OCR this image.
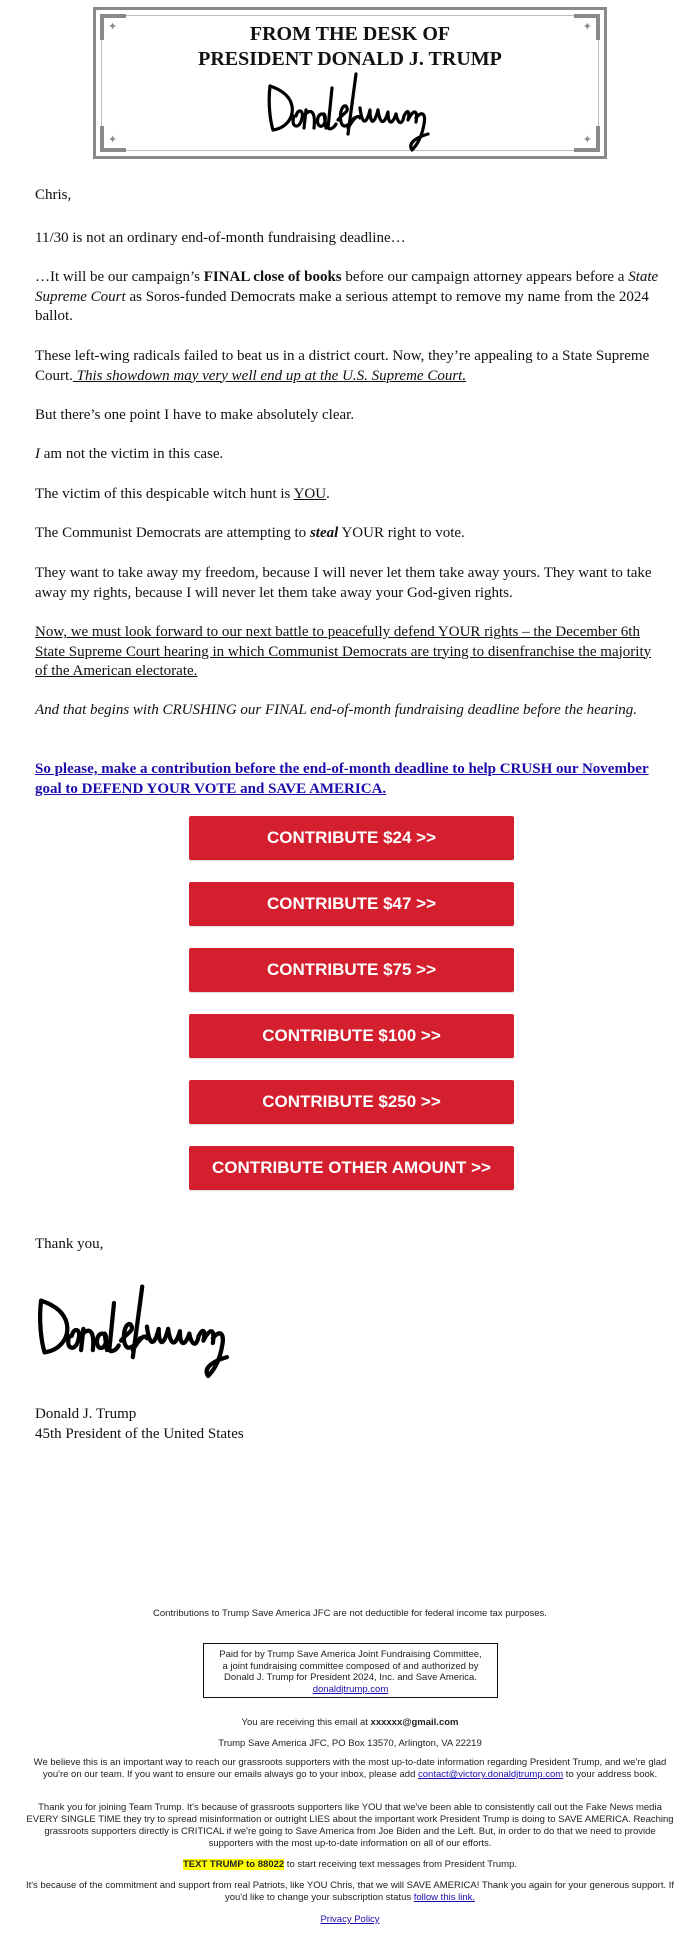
✦	✦
✦	✦
FROM THE DESK OF
PRESIDENT DONALD J. TRUMP

Chris,

11/30 is not an ordinary end-of-month fundraising deadline…

…It will be our campaign’s FINAL close of books before our campaign attorney appears before a State Supreme Court as Soros-funded Democrats make a serious attempt to remove my name from the 2024 ballot.

These left-wing radicals failed to beat us in a district court. Now, they’re appealing to a State Supreme Court. This showdown may very well end up at the U.S. Supreme Court.

But there’s one point I have to make absolutely clear.

I am not the victim in this case.

The victim of this despicable witch hunt is YOU.

The Communist Democrats are attempting to steal YOUR right to vote.

They want to take away my freedom, because I will never let them take away yours. They want to take away my rights, because I will never let them take away your God-given rights.

Now, we must look forward to our next battle to peacefully defend YOUR rights – the December 6th State Supreme Court hearing in which Communist Democrats are trying to disenfranchise the majority of the American electorate.

And that begins with CRUSHING our FINAL end-of-month fundraising deadline before the hearing.

So please, make a contribution before the end-of-month deadline to help CRUSH our November goal to DEFEND YOUR VOTE and SAVE AMERICA.

CONTRIBUTE $24 >>
CONTRIBUTE $47 >>
CONTRIBUTE $75 >>
CONTRIBUTE $100 >>
CONTRIBUTE $250 >>
CONTRIBUTE OTHER AMOUNT >>

Thank you,

Donald J. Trump

45th President of the United States

Contributions to Trump Save America JFC are not deductible for federal income tax purposes.
Paid for by Trump Save America Joint Fundraising Committee,
a joint fundraising committee composed of and authorized by
Donald J. Trump for President 2024, Inc. and Save America.
donaldjtrump.com
You are receiving this email at xxxxxx@gmail.com
Trump Save America JFC, PO Box 13570, Arlington, VA 22219
We believe this is an important way to reach our grassroots supporters with the most up-to-date information regarding President Trump, and we're glad you're on our team. If you want to ensure our emails always go to your inbox, please add contact@victory.donaldjtrump.com to your address book.
Thank you for joining Team Trump. It's because of grassroots supporters like YOU that we've been able to consistently call out the Fake News media EVERY SINGLE TIME they try to spread misinformation or outright LIES about the important work President Trump is doing to SAVE AMERICA. Reaching grassroots supporters directly is CRITICAL if we're going to Save America from Joe Biden and the Left. But, in order to do that we need to provide supporters with the most up-to-date information on all of our efforts.
TEXT TRUMP to 88022 to start receiving text messages from President Trump.
It's because of the commitment and support from real Patriots, like YOU Chris, that we will SAVE AMERICA! Thank you again for your generous support. If you'd like to change your subscription status follow this link.
Privacy Policy
